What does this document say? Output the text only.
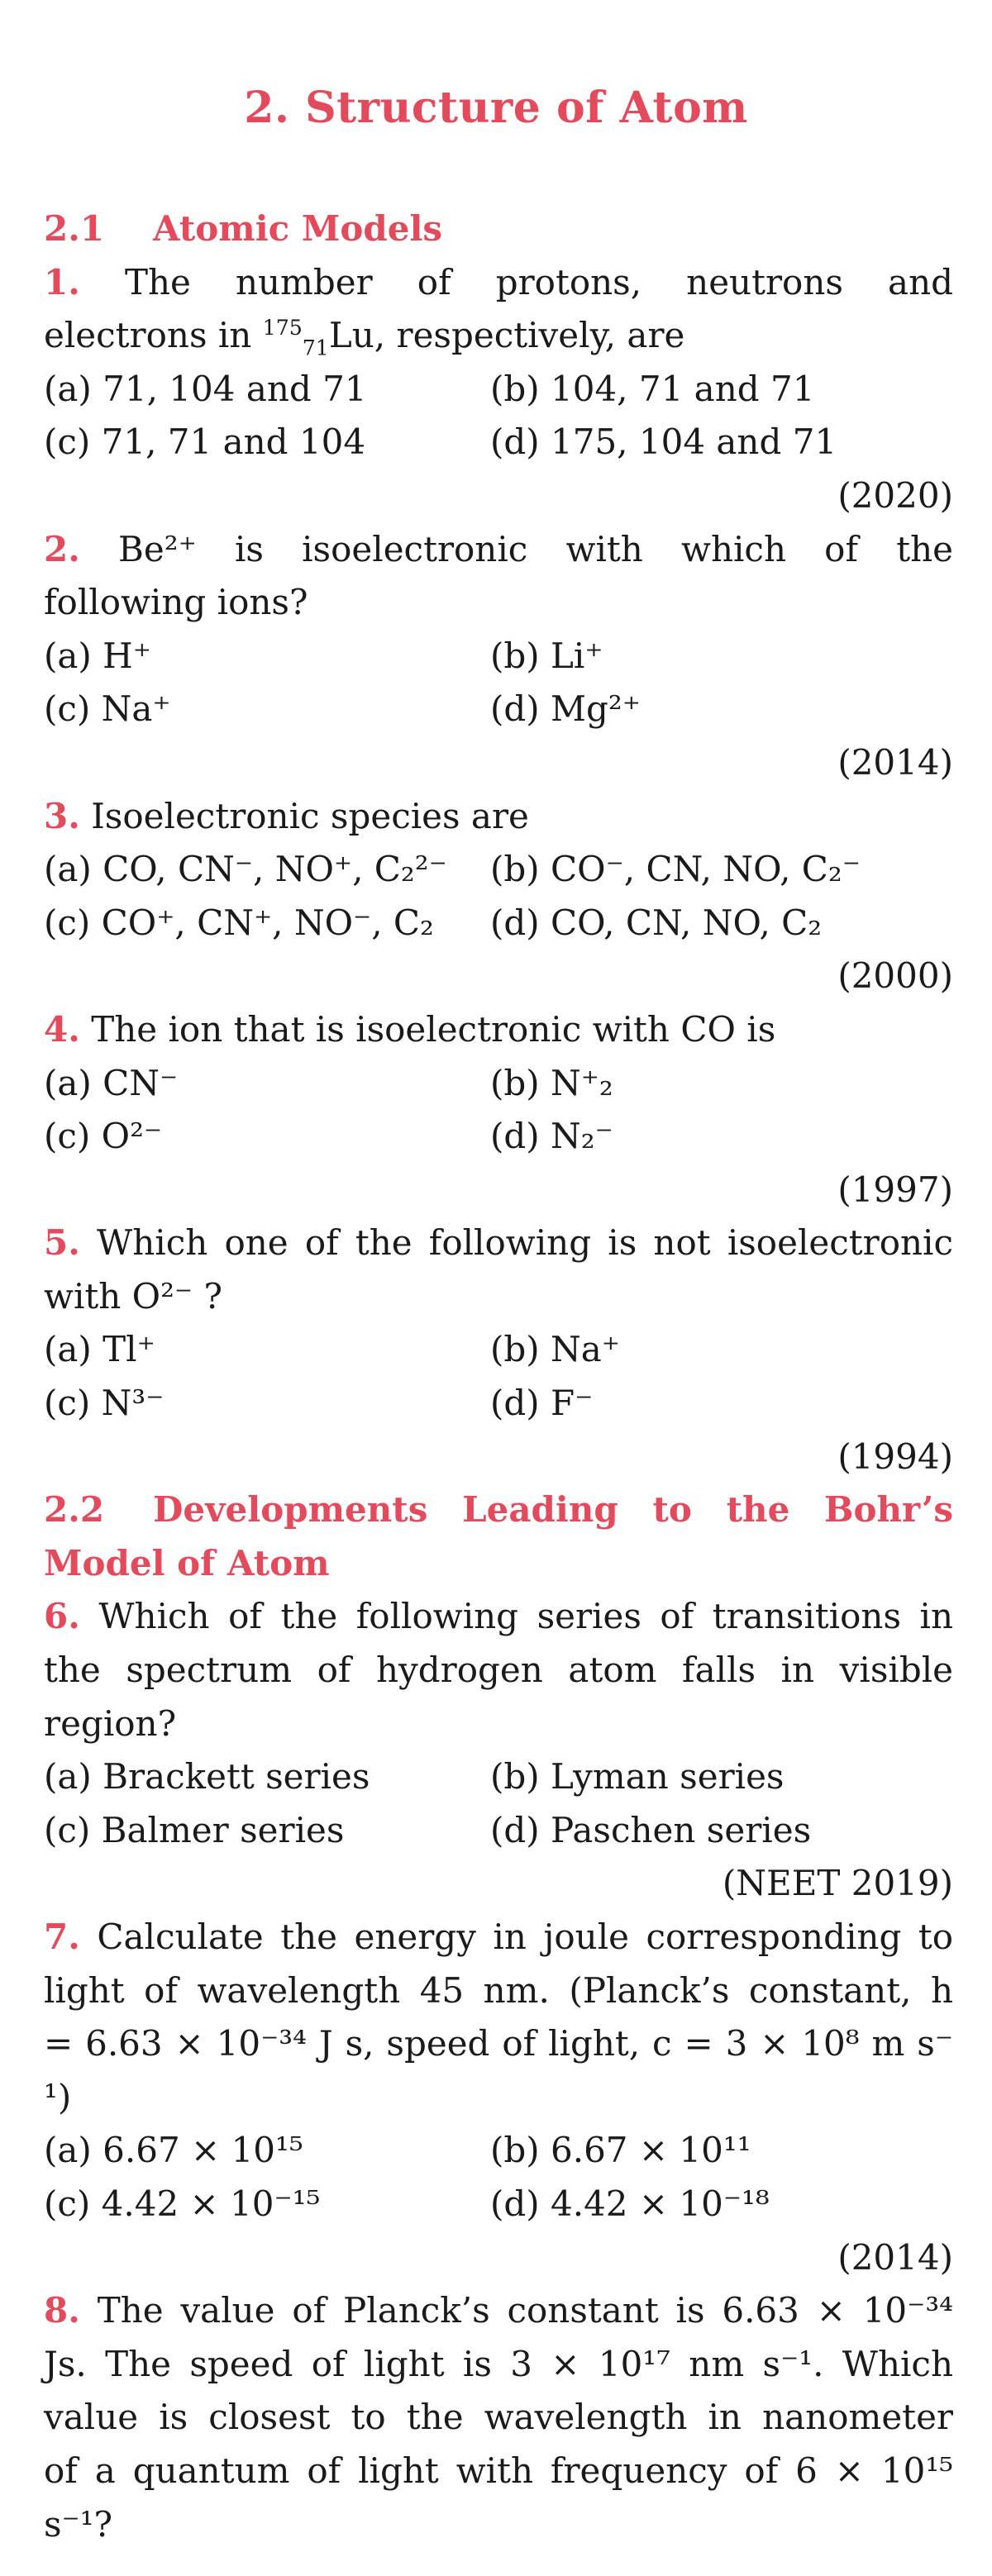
2. Structure of Atom
2.1 Atomic Models
1. The number of protons, neutrons and
electrons in $^{175}_{71}$Lu, respectively, are
(a) 71, 104 and 71	(b) 104, 71 and 71
(c) 71, 71 and 104	(d) 175, 104 and 71
(2020)
2. Be²⁺ is isoelectronic with which of the
following ions?
(a) H⁺	(b) Li⁺
(c) Na⁺	(d) Mg²⁺
(2014)
3. Isoelectronic species are
(a) CO, CN⁻, NO⁺, C₂²⁻	(b) CO⁻, CN, NO, C₂⁻
(c) CO⁺, CN⁺, NO⁻, C₂	(d) CO, CN, NO, C₂
(2000)
4. The ion that is isoelectronic with CO is
(a) CN⁻	(b) N⁺₂
(c) O²⁻	(d) N₂⁻
(1997)
5. Which one of the following is not isoelectronic
with O²⁻ ?
(a) Tl⁺	(b) Na⁺
(c) N³⁻	(d) F⁻
(1994)
2.2 Developments Leading to the Bohr’s
Model of Atom
6. Which of the following series of transitions in
the spectrum of hydrogen atom falls in visible
region?
(a) Brackett series	(b) Lyman series
(c) Balmer series	(d) Paschen series
(NEET 2019)
7. Calculate the energy in joule corresponding to
light of wavelength 45 nm. (Planck’s constant, h
= 6.63 × 10⁻³⁴ J s, speed of light, c = 3 × 10⁸ m s⁻
¹)
(a) 6.67 × 10¹⁵	(b) 6.67 × 10¹¹
(c) 4.42 × 10⁻¹⁵	(d) 4.42 × 10⁻¹⁸
(2014)
8. The value of Planck’s constant is 6.63 × 10⁻³⁴
Js. The speed of light is 3 × 10¹⁷ nm s⁻¹. Which
value is closest to the wavelength in nanometer
of a quantum of light with frequency of 6 × 10¹⁵
s⁻¹?
